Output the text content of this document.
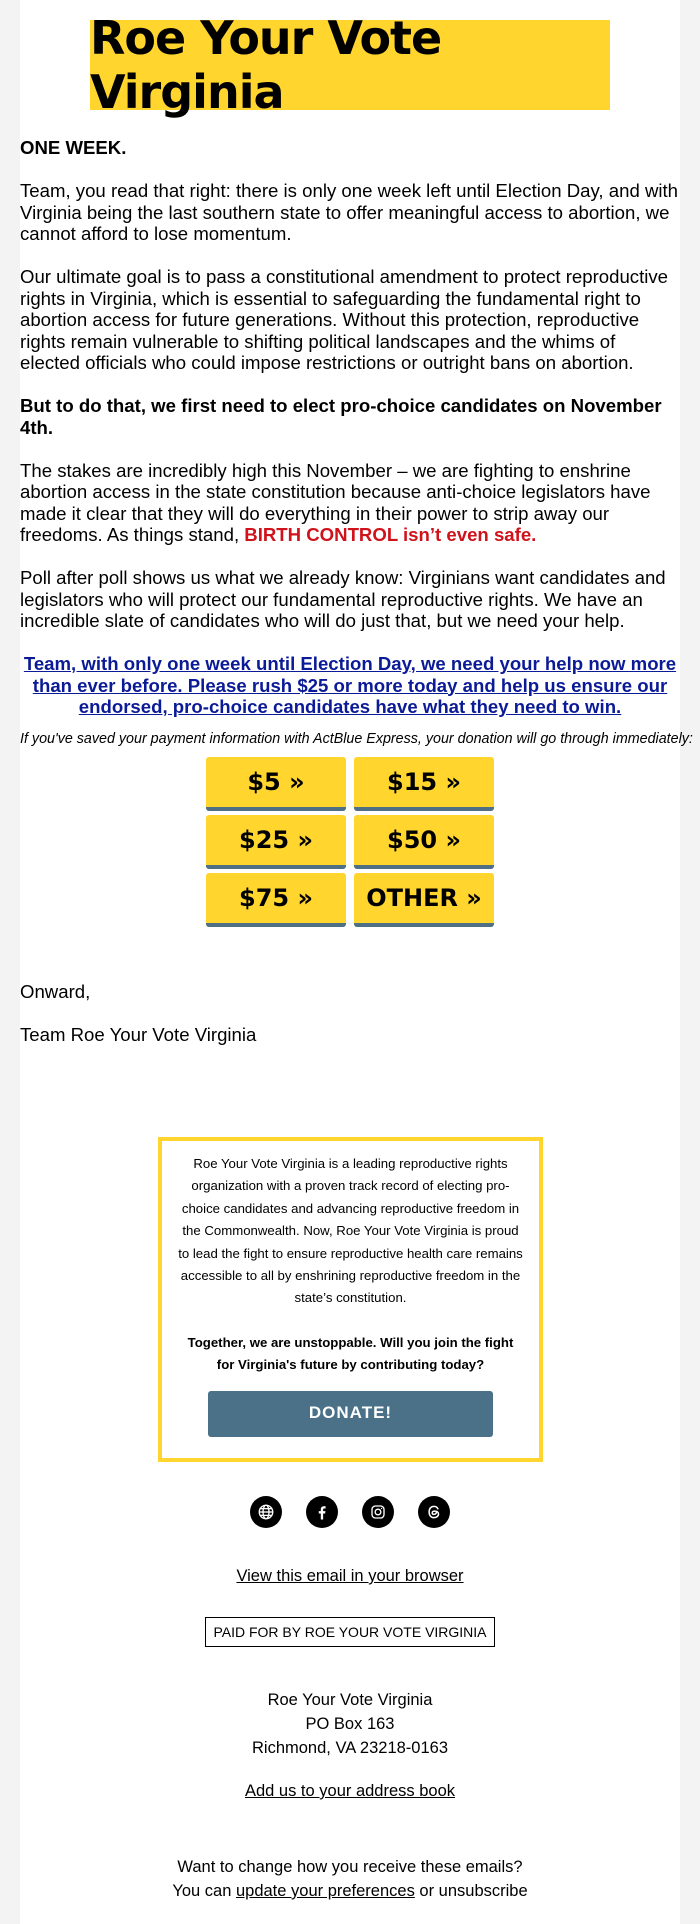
Roe Your Vote Virginia

ONE WEEK.

Team, you read that right: there is only one week left until Election Day, and with Virginia being the last southern state to offer meaningful access to abortion, we cannot afford to lose momentum.

Our ultimate goal is to pass a constitutional amendment to protect reproductive rights in Virginia, which is essential to safeguarding the fundamental right to abortion access for future generations. Without this protection, reproductive rights remain vulnerable to shifting political landscapes and the whims of elected officials who could impose restrictions or outright bans on abortion.

But to do that, we first need to elect pro-choice candidates on November 4th.

The stakes are incredibly high this November – we are fighting to enshrine abortion access in the state constitution because anti-choice legislators have made it clear that they will do everything in their power to strip away our freedoms. As things stand, BIRTH CONTROL isn’t even safe.

Poll after poll shows us what we already know: Virginians want candidates and legislators who will protect our fundamental reproductive rights. We have an incredible slate of candidates who will do just that, but we need your help.

Team, with only one week until Election Day, we need your help now more than ever before. Please rush $25 or more today and help us ensure our endorsed, pro-choice candidates have what they need to win.

If you've saved your payment information with ActBlue Express, your donation will go through immediately:

$5 »	$15 »
$25 »	$50 »
$75 »	OTHER »

Onward,

Team Roe Your Vote Virginia

Roe Your Vote Virginia is a leading reproductive rights organization with a proven track record of electing pro-choice candidates and advancing reproductive freedom in the Commonwealth. Now, Roe Your Vote Virginia is proud to lead the fight to ensure reproductive health care remains accessible to all by enshrining reproductive freedom in the state’s constitution.

Together, we are unstoppable. Will you join the fight for Virginia's future by contributing today?

DONATE!
View this email in your browser
PAID FOR BY ROE YOUR VOTE VIRGINIA
Roe Your Vote Virginia
PO Box 163
Richmond, VA 23218-0163
Add us to your address book
Want to change how you receive these emails?
You can update your preferences or unsubscribe
